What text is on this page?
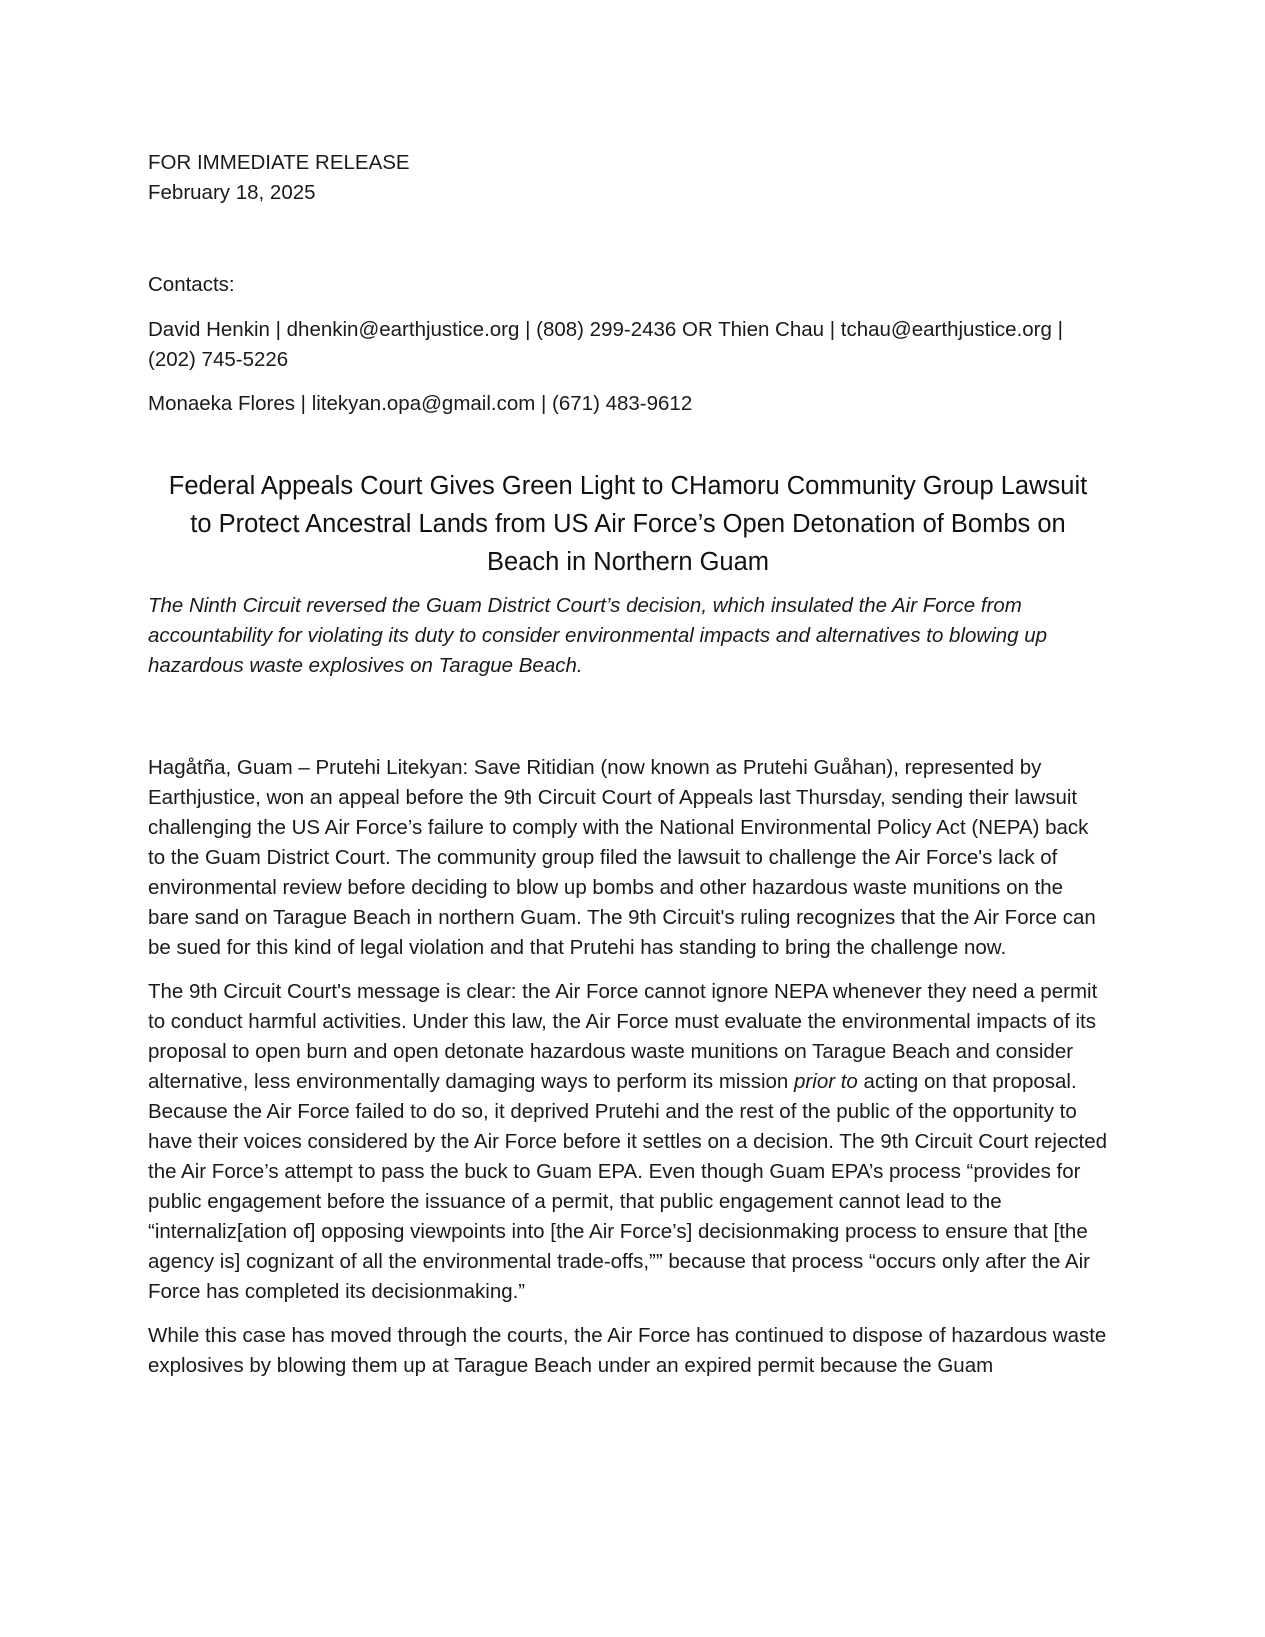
FOR IMMEDIATE RELEASE
February 18, 2025
Contacts:
David Henkin | dhenkin@earthjustice.org | (808) 299-2436 OR Thien Chau | tchau@earthjustice.org | (202) 745-5226
Monaeka Flores | litekyan.opa@gmail.com | (671) 483-9612
Federal Appeals Court Gives Green Light to CHamoru Community Group Lawsuit to Protect Ancestral Lands from US Air Force’s Open Detonation of Bombs on Beach in Northern Guam

The Ninth Circuit reversed the Guam District Court’s decision, which insulated the Air Force from accountability for violating its duty to consider environmental impacts and alternatives to blowing up hazardous waste explosives on Tarague Beach.

Hagåtña, Guam – Prutehi Litekyan: Save Ritidian (now known as Prutehi Guåhan), represented by Earthjustice, won an appeal before the 9th Circuit Court of Appeals last Thursday, sending their lawsuit challenging the US Air Force’s failure to comply with the National Environmental Policy Act (NEPA) back to the Guam District Court. The community group filed the lawsuit to challenge the Air Force's lack of environmental review before deciding to blow up bombs and other hazardous waste munitions on the bare sand on Tarague Beach in northern Guam. The 9th Circuit's ruling recognizes that the Air Force can be sued for this kind of legal violation and that Prutehi has standing to bring the challenge now.

The 9th Circuit Court's message is clear: the Air Force cannot ignore NEPA whenever they need a permit to conduct harmful activities. Under this law, the Air Force must evaluate the environmental impacts of its proposal to open burn and open detonate hazardous waste munitions on Tarague Beach and consider alternative, less environmentally damaging ways to perform its mission prior to acting on that proposal. Because the Air Force failed to do so, it deprived Prutehi and the rest of the public of the opportunity to have their voices considered by the Air Force before it settles on a decision. The 9th Circuit Court rejected the Air Force’s attempt to pass the buck to Guam EPA. Even though Guam EPA’s process “provides for public engagement before the issuance of a permit, that public engagement cannot lead to the “internaliz[ation of] opposing viewpoints into [the Air Force’s] decisionmaking process to ensure that [the agency is] cognizant of all the environmental trade-offs,”” because that process “occurs only after the Air Force has completed its decisionmaking.”

While this case has moved through the courts, the Air Force has continued to dispose of hazardous waste explosives by blowing them up at Tarague Beach under an expired permit because the Guam
